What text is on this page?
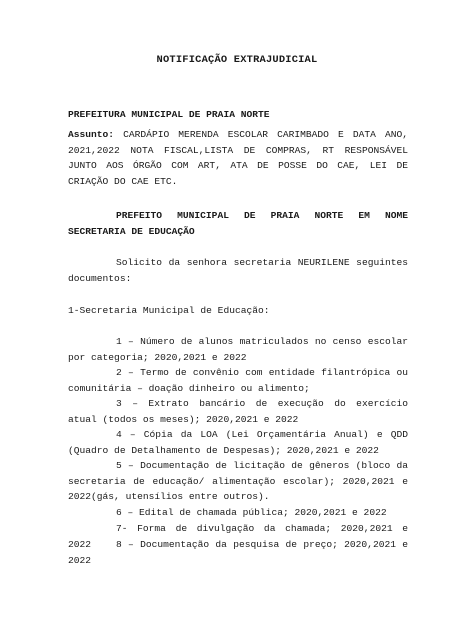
NOTIFICAÇÃO EXTRAJUDICIAL
PREFEITURA MUNICIPAL DE PRAIA NORTE
Assunto: CARDÁPIO MERENDA ESCOLAR CARIMBADO E DATA ANO, 2021,2022 NOTA FISCAL,LISTA DE COMPRAS, RT RESPONSÁVEL JUNTO AOS ÓRGÃO COM ART, ATA DE POSSE DO CAE, LEI DE CRIAÇÃO DO CAE ETC.
PREFEITO MUNICIPAL DE PRAIA NORTE EM NOME SECRETARIA DE EDUCAÇÃO
Solicito da senhora secretaria NEURILENE seguintes documentos:
1-Secretaria Municipal de Educação:
1 – Número de alunos matriculados no censo escolar por categoria; 2020,2021 e 2022
2 – Termo de convênio com entidade filantrópica ou comunitária – doação dinheiro ou alimento;
3 – Extrato bancário de execução do exercício atual (todos os meses); 2020,2021 e 2022
4 – Cópia da LOA (Lei Orçamentária Anual) e QDD (Quadro de Detalhamento de Despesas); 2020,2021 e 2022
5 – Documentação de licitação de gêneros (bloco da secretaria de educação/ alimentação escolar); 2020,2021 e 2022(gás, utensílios entre outros).
6 – Edital de chamada pública; 2020,2021 e 2022
7- Forma de divulgação da chamada; 2020,2021 e 2022	8 – Documentação da pesquisa de preço; 2020,2021 e 2022
